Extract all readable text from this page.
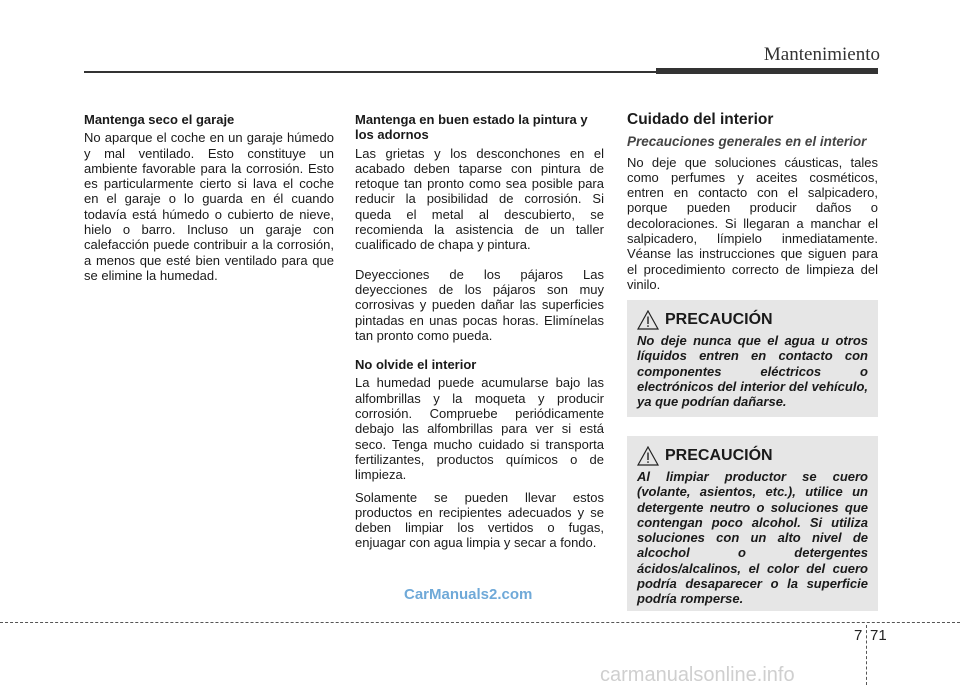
Mantenimiento
Mantenga seco el garaje

No aparque el coche en un garaje húmedo y mal ventilado. Esto constituye un ambiente favorable para la corrosión. Esto es particularmente cierto si lava el coche en el garaje o lo guarda en él cuando todavía está húmedo o cubierto de nieve, hielo o barro. Incluso un garaje con calefacción puede contribuir a la corrosión, a menos que esté bien ventilado para que se elimine la humedad.

Mantenga en buen estado la pintura y los adornos

Las grietas y los desconchones en el acabado deben taparse con pintura de retoque tan pronto como sea posible para reducir la posibilidad de corrosión. Si queda el metal al descubierto, se recomienda la asistencia de un taller cualificado de chapa y pintura.

Deyecciones de los pájaros Las deyecciones de los pájaros son muy corrosivas y pueden dañar las superficies pintadas en unas pocas horas. Elimínelas tan pronto como pueda.

No olvide el interior

La humedad puede acumularse bajo las alfombrillas y la moqueta y producir corrosión. Compruebe periódicamente debajo las alfombrillas para ver si está seco. Tenga mucho cuidado si transporta fertilizantes, productos químicos o de limpieza.

Solamente se pueden llevar estos productos en recipientes adecuados y se deben limpiar los vertidos o fugas, enjuagar con agua limpia y secar a fondo.

Cuidado del interior
Precauciones generales en el interior

No deje que soluciones cáusticas, tales como perfumes y aceites cosméticos, entren en contacto con el salpicadero, porque pueden producir daños o decoloraciones. Si llegaran a manchar el salpicadero, límpielo inmediatamente. Véanse las instrucciones que siguen para el procedimiento correcto de limpieza del vinilo.

PRECAUCIÓN

No deje nunca que el agua u otros líquidos entren en contacto con componentes eléctricos o electrónicos del interior del vehículo, ya que podrían dañarse.

PRECAUCIÓN

Al limpiar productor se cuero (volante, asientos, etc.), utilice un detergente neutro o soluciones que contengan poco alcohol. Si utiliza soluciones con un alto nivel de alcochol o detergentes ácidos/alcalinos, el color del cuero podría desaparecer o la superficie podría romperse.

CarManuals2.com
7 71
carmanualsonline.info
